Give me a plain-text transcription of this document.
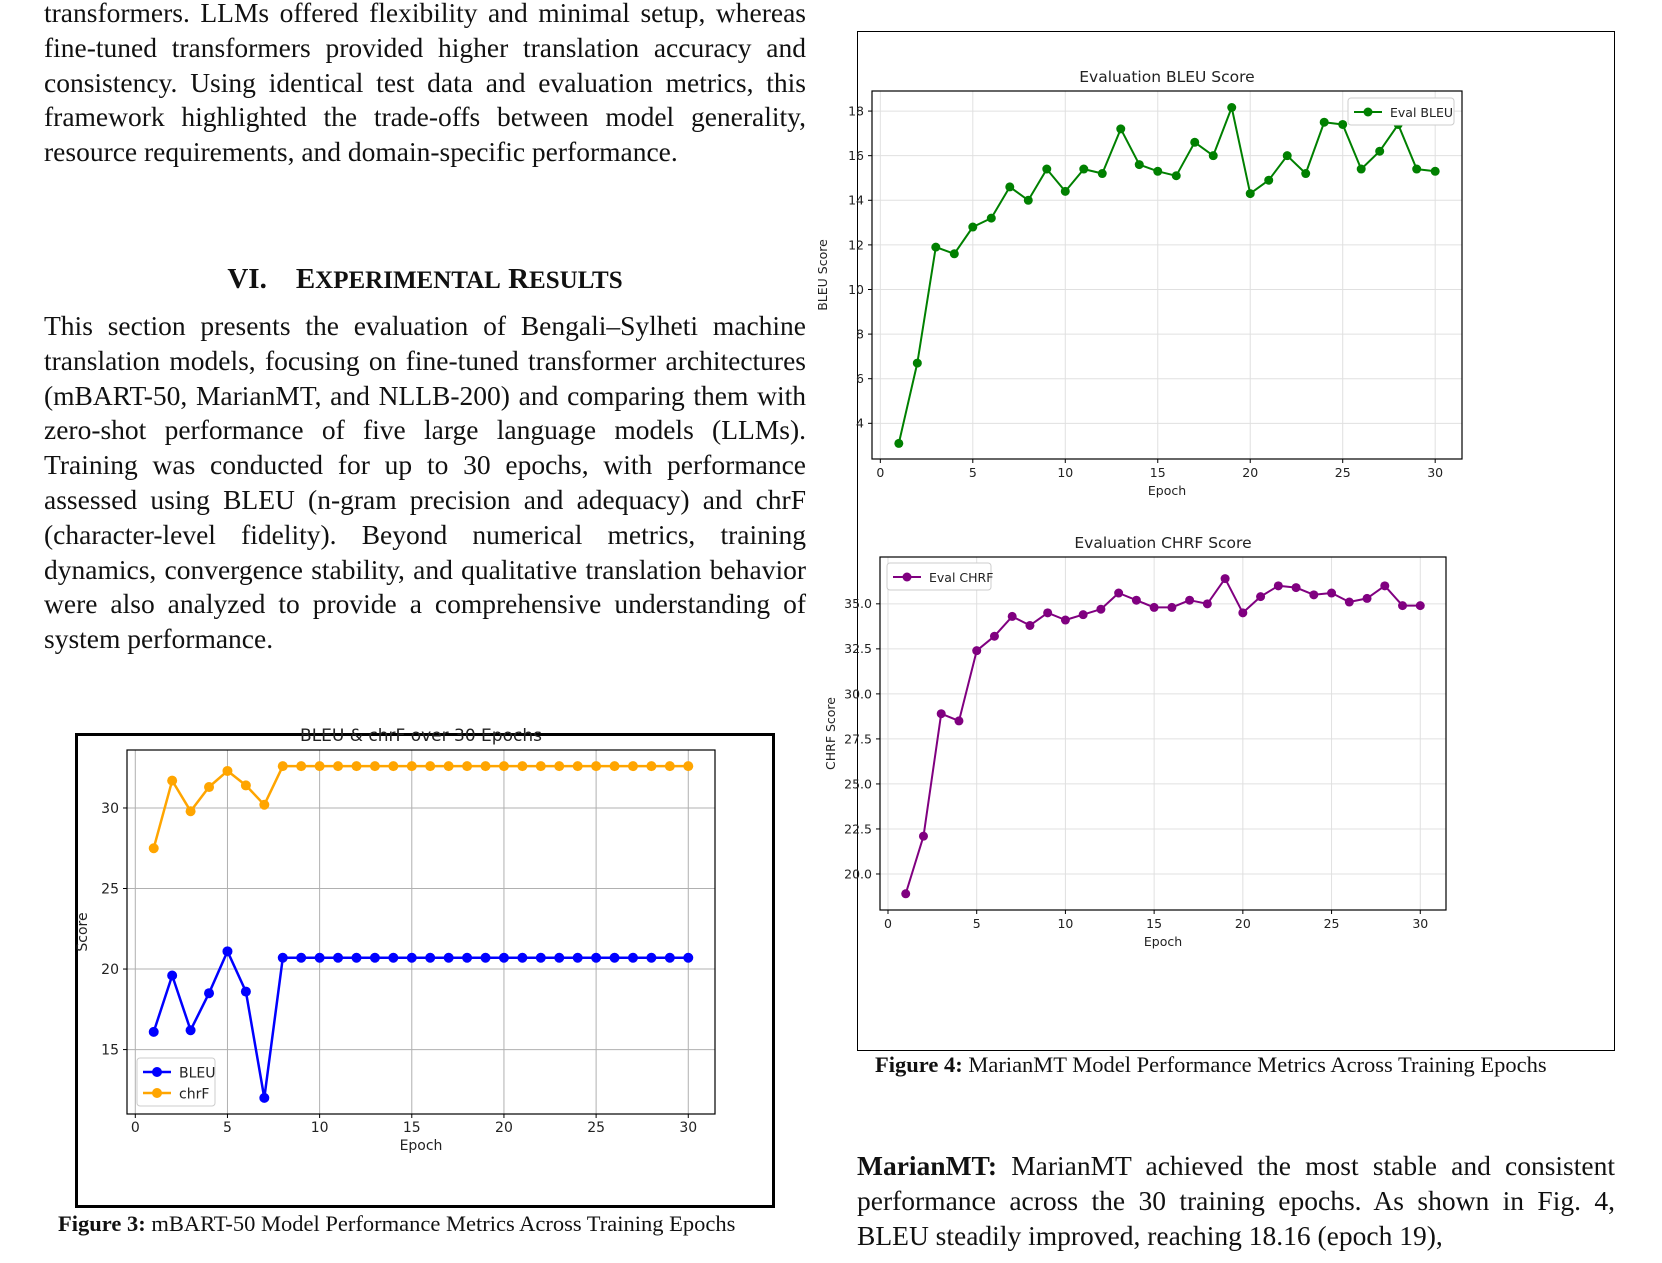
transformers. LLMs offered flexibility and minimal setup, whereas fine-tuned transformers provided higher translation accuracy and consistency. Using identical test data and evaluation metrics, this framework highlighted the trade-offs between model generality, resource requirements, and domain-specific performance.
VI. EXPERIMENTAL RESULTS
This section presents the evaluation of Bengali–Sylheti machine translation models, focusing on fine-tuned transformer architectures (mBART-50, MarianMT, and NLLB-200) and comparing them with zero-shot performance of five large language models (LLMs). Training was conducted for up to 30 epochs, with performance assessed using BLEU (n-gram precision and adequacy) and chrF (character-level fidelity). Beyond numerical metrics, training dynamics, convergence stability, and qualitative translation behavior were also analyzed to provide a comprehensive understanding of system performance.
0	5	10	15	20	25	30
15
20
25
30
BLEU & chrF over 30 Epochs
Epoch
Score
BLEU
chrF
Figure 3: mBART-50 Model Performance Metrics Across Training Epochs
0	5	10	15	20	25	30
4
6
8
10
12
14
16
18
Evaluation BLEU Score
Epoch
BLEU Score
Eval BLEU
0	5	10	15	20	25	30
20.0
22.5
25.0
27.5
30.0
32.5
35.0
Evaluation CHRF Score
Epoch
CHRF Score
Eval CHRF
Figure 4: MarianMT Model Performance Metrics Across Training Epochs
MarianMT: MarianMT achieved the most stable and consistent performance across the 30 training epochs. As shown in Fig. 4, BLEU steadily improved, reaching 18.16 (epoch 19),
